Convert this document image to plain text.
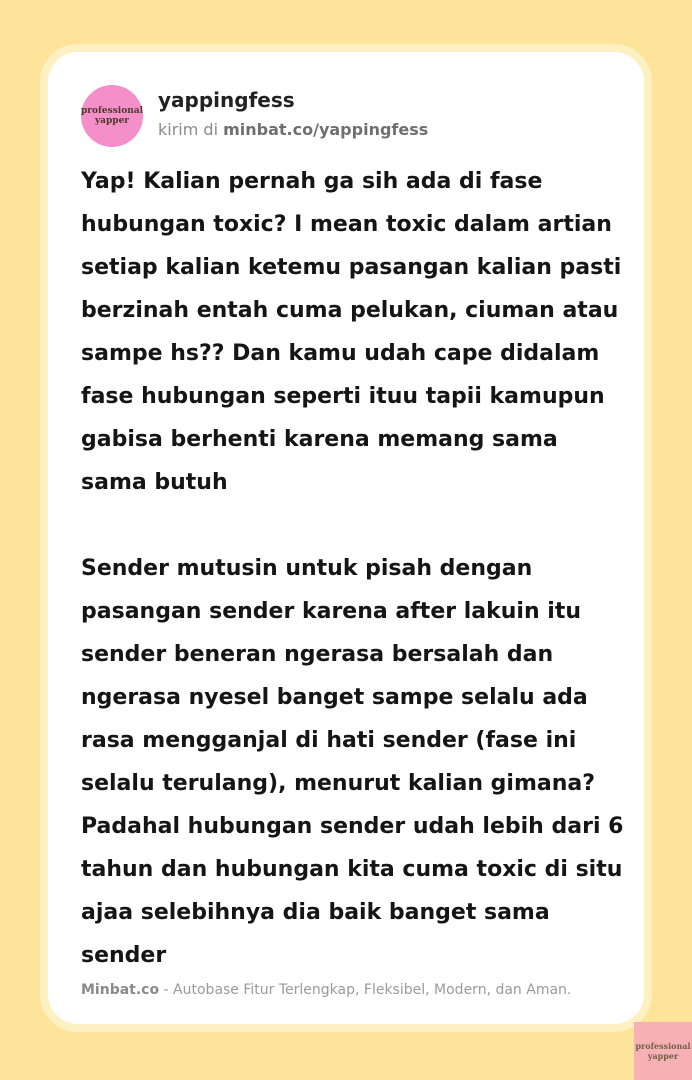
professional
yapper
yappingfess
kirim di minbat.co/yappingfess

Yap! Kalian pernah ga sih ada di fase hubungan toxic? I mean toxic dalam artian setiap kalian ketemu pasangan kalian pasti berzinah entah cuma pelukan, ciuman atau sampe hs?? Dan kamu udah cape didalam fase hubungan seperti ituu tapii kamupun gabisa berhenti karena memang sama sama butuh

Sender mutusin untuk pisah dengan pasangan sender karena after lakuin itu sender beneran ngerasa bersalah dan ngerasa nyesel banget sampe selalu ada rasa mengganjal di hati sender (fase ini selalu terulang), menurut kalian gimana? Padahal hubungan sender udah lebih dari 6 tahun dan hubungan kita cuma toxic di situ ajaa selebihnya dia baik banget sama sender

Minbat.co - Autobase Fitur Terlengkap, Fleksibel, Modern, dan Aman.
professional
yapper
